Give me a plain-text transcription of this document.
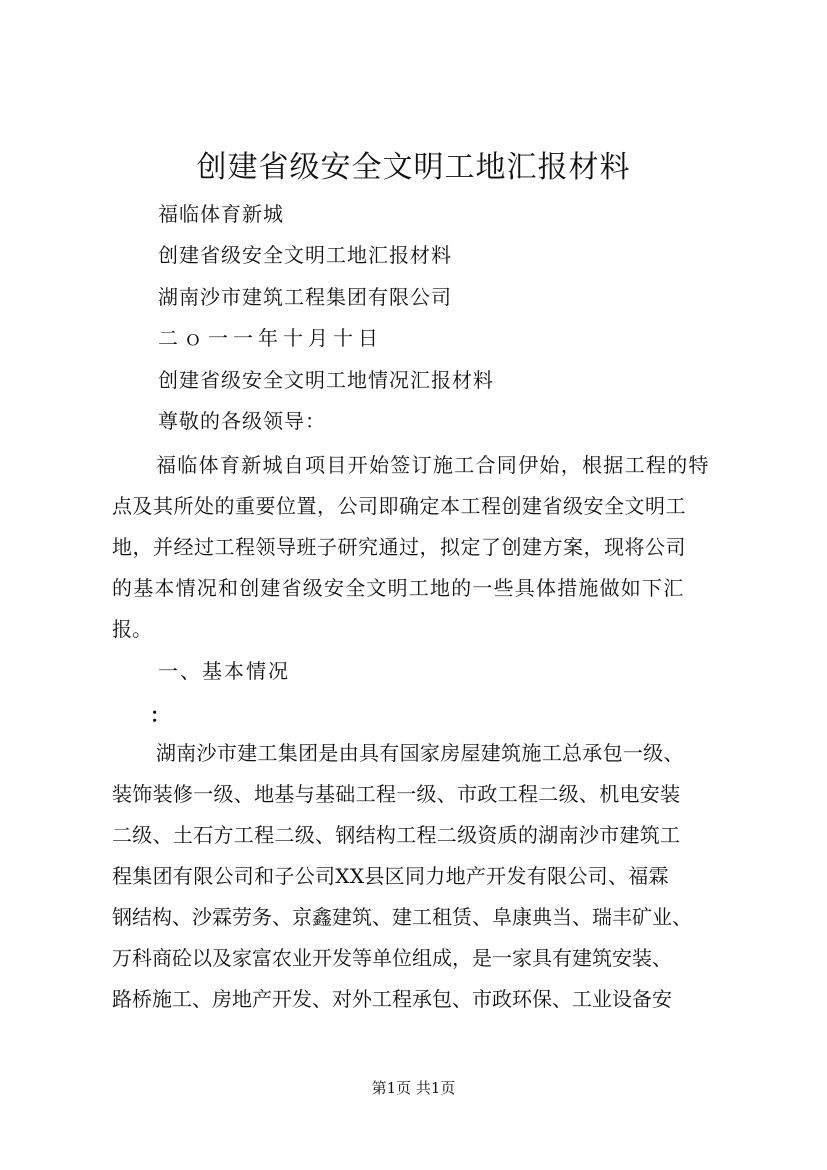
创建省级安全文明工地汇报材料
福临体育新城
创建省级安全文明工地汇报材料
湖南沙市建筑工程集团有限公司
二ｏ一一年十月十日
创建省级安全文明工地情况汇报材料
尊敬的各级领导：
福临体育新城自项目开始签订施工合同伊始，根据工程的特
点及其所处的重要位置，公司即确定本工程创建省级安全文明工
地，并经过工程领导班子研究通过，拟定了创建方案，现将公司
的基本情况和创建省级安全文明工地的一些具体措施做如下汇
报。
一、基本情况
：
湖南沙市建工集团是由具有国家房屋建筑施工总承包一级、
装饰装修一级、地基与基础工程一级、市政工程二级、机电安装
二级、土石方工程二级、钢结构工程二级资质的湖南沙市建筑工
程集团有限公司和子公司XX县区同力地产开发有限公司、福霖
钢结构、沙霖劳务、京鑫建筑、建工租赁、阜康典当、瑞丰矿业、
万科商砼以及家富农业开发等单位组成，是一家具有建筑安装、
路桥施工、房地产开发、对外工程承包、市政环保、工业设备安
第1页 共1页
